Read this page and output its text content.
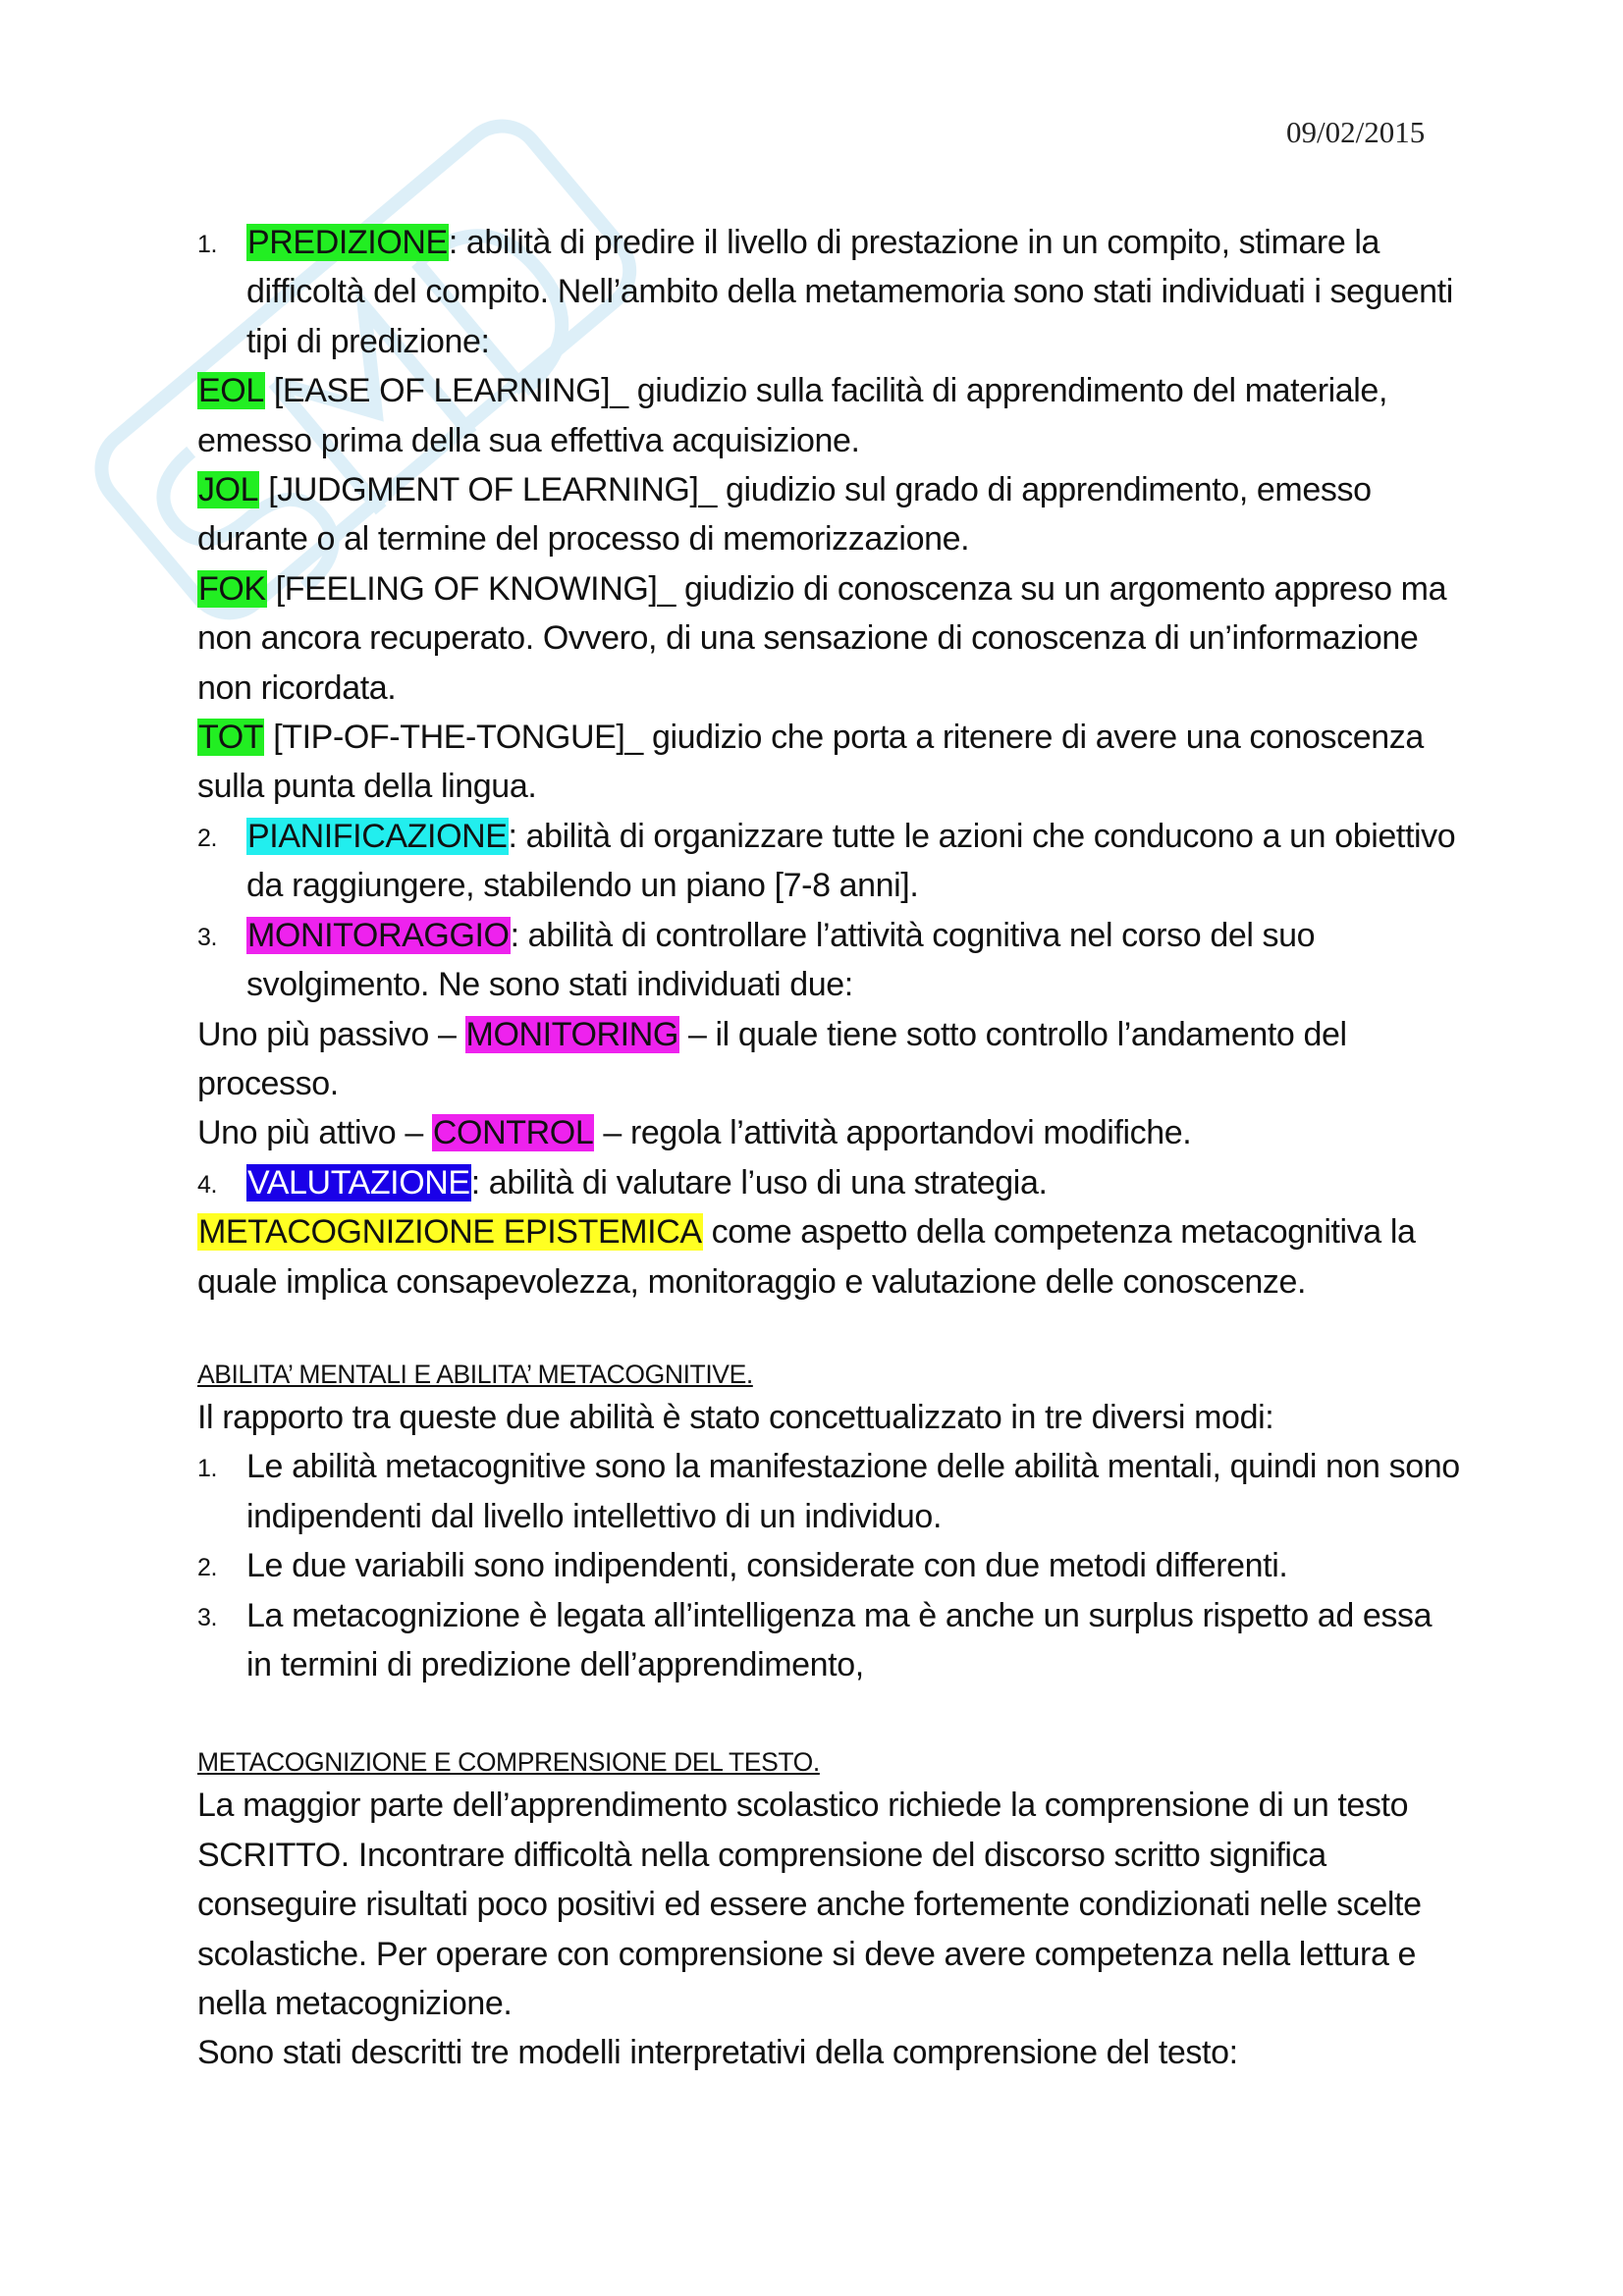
09/02/2015
1. PREDIZIONE: abilità di predire il livello di prestazione in un compito, stimare la difficoltà del compito. Nell’ambito della metamemoria sono stati individuati i seguenti tipi di predizione:
EOL [EASE OF LEARNING]_ giudizio sulla facilità di apprendimento del materiale, emesso prima della sua effettiva acquisizione.
JOL [JUDGMENT OF LEARNING]_ giudizio sul grado di apprendimento, emesso durante o al termine del processo di memorizzazione.
FOK [FEELING OF KNOWING]_ giudizio di conoscenza su un argomento appreso ma non ancora recuperato. Ovvero, di una sensazione di conoscenza di un’informazione non ricordata.
TOT [TIP-OF-THE-TONGUE]_ giudizio che porta a ritenere di avere una conoscenza sulla punta della lingua.
2. PIANIFICAZIONE: abilità di organizzare tutte le azioni che conducono a un obiettivo da raggiungere, stabilendo un piano [7-8 anni].
3. MONITORAGGIO: abilità di controllare l’attività cognitiva nel corso del suo svolgimento. Ne sono stati individuati due:
Uno più passivo – MONITORING – il quale tiene sotto controllo l’andamento del processo.
Uno più attivo – CONTROL – regola l’attività apportandovi modifiche.
4. VALUTAZIONE: abilità di valutare l’uso di una strategia.
METACOGNIZIONE EPISTEMICA come aspetto della competenza metacognitiva la quale implica consapevolezza, monitoraggio e valutazione delle conoscenze.
ABILITA’ MENTALI E ABILITA’ METACOGNITIVE.
Il rapporto tra queste due abilità è stato concettualizzato in tre diversi modi:
1. Le abilità metacognitive sono la manifestazione delle abilità mentali, quindi non sono indipendenti dal livello intellettivo di un individuo.
2. Le due variabili sono indipendenti, considerate con due metodi differenti.
3. La metacognizione è legata all’intelligenza ma è anche un surplus rispetto ad essa in termini di predizione dell’apprendimento,
METACOGNIZIONE E COMPRENSIONE DEL TESTO.
La maggior parte dell’apprendimento scolastico richiede la comprensione di un testo SCRITTO. Incontrare difficoltà nella comprensione del discorso scritto significa conseguire risultati poco positivi ed essere anche fortemente condizionati nelle scelte scolastiche. Per operare con comprensione si deve avere competenza nella lettura e nella metacognizione.
Sono stati descritti tre modelli interpretativi della comprensione del testo:
